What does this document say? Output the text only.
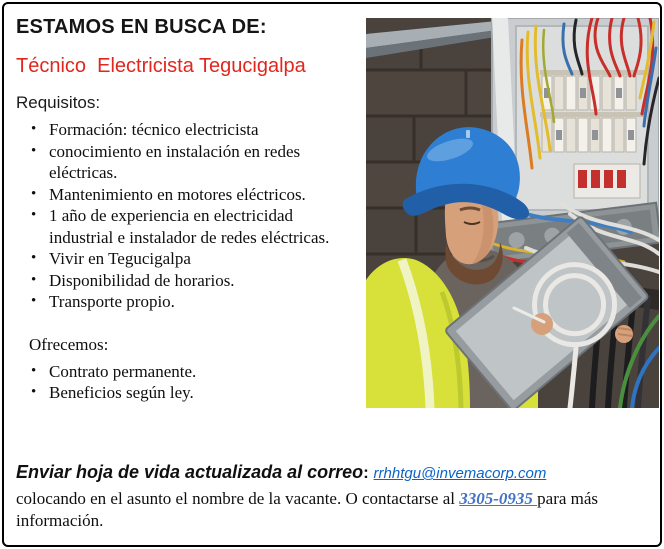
ESTAMOS EN BUSCA DE:
Técnico  Electricista Tegucigalpa
Requisitos:
• Formación: técnico electricista
• conocimiento en instalación en redes eléctricas.
• Mantenimiento en motores eléctricos.
• 1 año de experiencia en electricidad industrial e instalador de redes eléctricas.
• Vivir en Tegucigalpa
• Disponibilidad de horarios.
• Transporte propio.
Ofrecemos:
• Contrato permanente.
• Beneficios según ley.

Enviar hoja de vida actualizada al correo: rrhhtgu@invemacorp.com

colocando en el asunto el nombre de la vacante. O contactarse al 3305-0935 para más información.
